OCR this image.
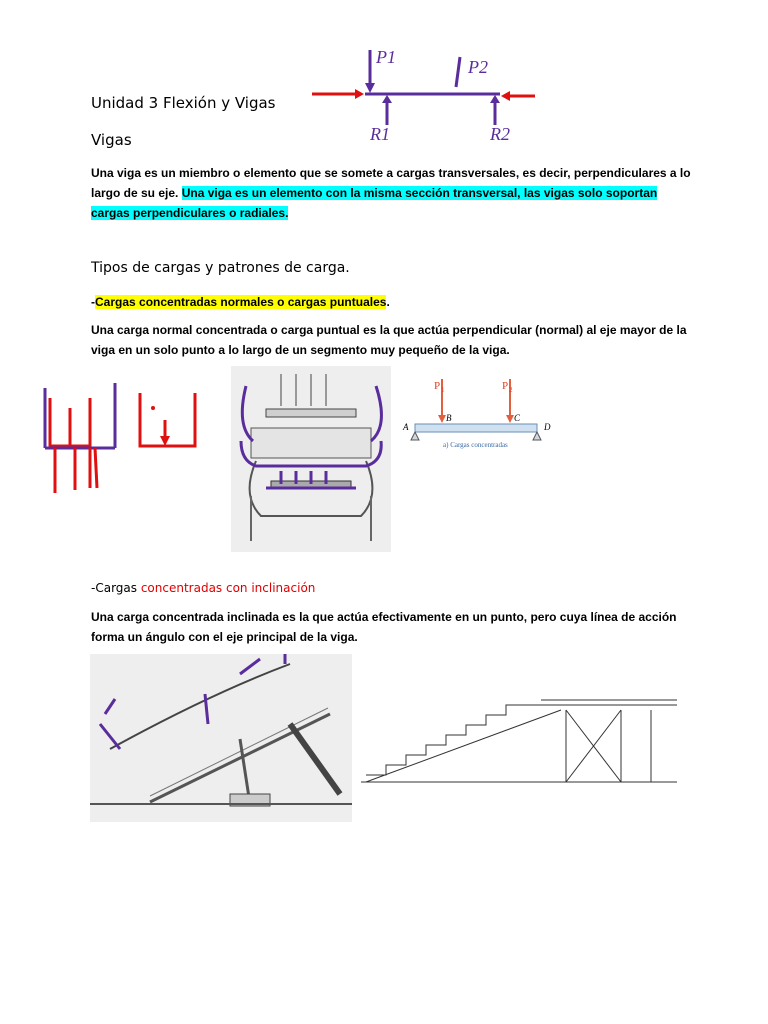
P1	P2
R1	R2
Unidad 3 Flexión y Vigas
Vigas
Una viga es un miembro o elemento que se somete a cargas transversales, es decir, perpendiculares a lo largo de su eje. Una viga es un elemento con la misma sección transversal, las vigas solo soportan cargas perpendiculares o radiales.
Tipos de cargas y patrones de carga.
-Cargas concentradas normales o cargas puntuales.
Una carga normal concentrada o carga puntual es la que actúa perpendicular (normal) al eje mayor de la viga en un solo punto a lo largo de un segmento muy pequeño de la viga.
P 1	P 2
A
B	C
D
a) Cargas concentradas
-Cargas concentradas con inclinación
Una carga concentrada inclinada es la que actúa efectivamente en un punto, pero cuya línea de acción forma un ángulo con el eje principal de la viga.
